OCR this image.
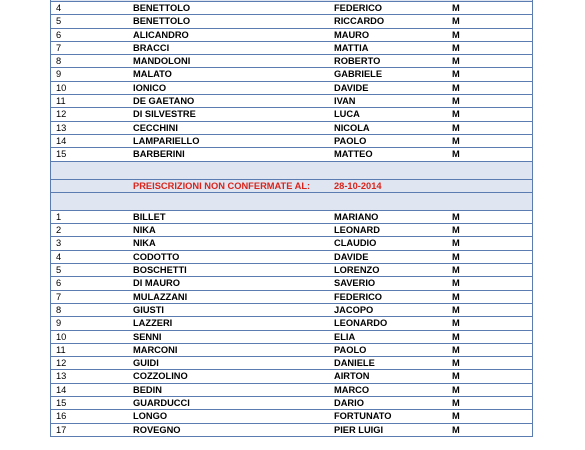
4	BENETTOLO	FEDERICO	M
5	BENETTOLO	RICCARDO	M
6	ALICANDRO	MAURO	M
7	BRACCI	MATTIA	M
8	MANDOLONI	ROBERTO	M
9	MALATO	GABRIELE	M
10	IONICO	DAVIDE	M
11	DE GAETANO	IVAN	M
12	DI SILVESTRE	LUCA	M
13	CECCHINI	NICOLA	M
14	LAMPARIELLO	PAOLO	M
15	BARBERINI	MATTEO	M
PREISCRIZIONI NON CONFERMATE AL:	28-10-2014
1	BILLET	MARIANO	M
2	NIKA	LEONARD	M
3	NIKA	CLAUDIO	M
4	CODOTTO	DAVIDE	M
5	BOSCHETTI	LORENZO	M
6	DI MAURO	SAVERIO	M
7	MULAZZANI	FEDERICO	M
8	GIUSTI	JACOPO	M
9	LAZZERI	LEONARDO	M
10	SENNI	ELIA	M
11	MARCONI	PAOLO	M
12	GUIDI	DANIELE	M
13	COZZOLINO	AIRTON	M
14	BEDIN	MARCO	M
15	GUARDUCCI	DARIO	M
16	LONGO	FORTUNATO	M
17	ROVEGNO	PIER LUIGI	M
